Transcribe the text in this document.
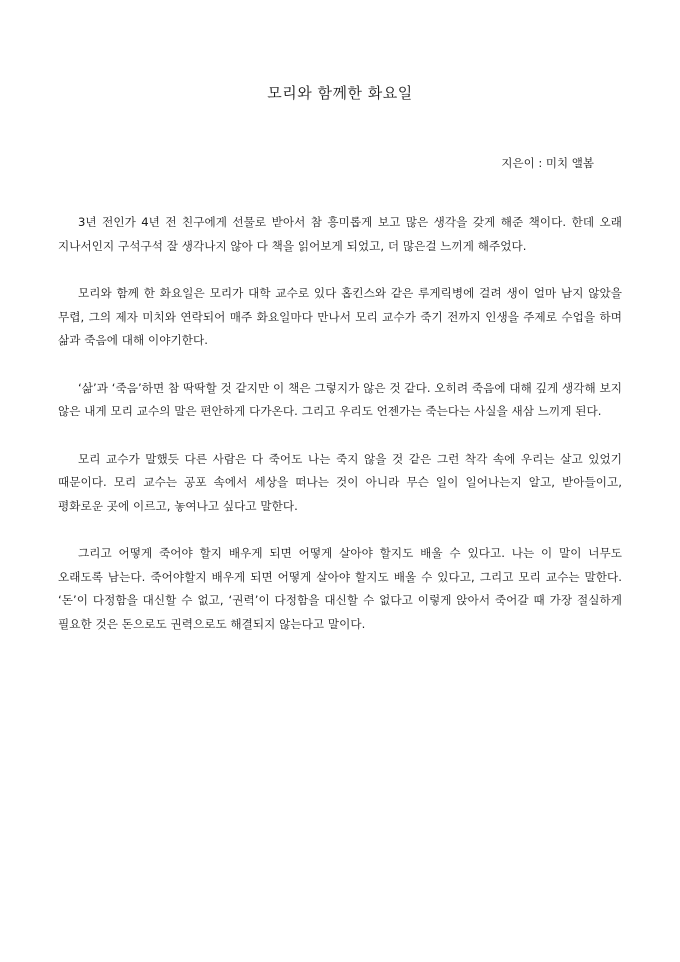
모리와 함께한 화요일

지은이 : 미치 앨봄

3년 전인가 4년 전 친구에게 선물로 받아서 참 흥미롭게 보고 많은 생각을 갖게 해준 책이다. 한데 오래 지나서인지 구석구석 잘 생각나지 않아 다 책을 읽어보게 되었고, 더 많은걸 느끼게 해주었다.

모리와 함께 한 화요일은 모리가 대학 교수로 있다 홉킨스와 같은 루게릭병에 걸려 생이 얼마 남지 않았을 무렵, 그의 제자 미치와 연락되어 매주 화요일마다 만나서 모리 교수가 죽기 전까지 인생을 주제로 수업을 하며 삶과 죽음에 대해 이야기한다.

‘삶’과 ‘죽음’하면 참 딱딱할 것 같지만 이 책은 그렇지가 않은 것 같다. 오히려 죽음에 대해 깊게 생각해 보지 않은 내게 모리 교수의 말은 편안하게 다가온다. 그리고 우리도 언젠가는 죽는다는 사실을 새삼 느끼게 된다.

모리 교수가 말했듯 다른 사람은 다 죽어도 나는 죽지 않을 것 같은 그런 착각 속에 우리는 살고 있었기 때문이다. 모리 교수는 공포 속에서 세상을 떠나는 것이 아니라 무슨 일이 일어나는지 알고, 받아들이고, 평화로운 곳에 이르고, 놓여나고 싶다고 말한다.

그리고 어떻게 죽어야 할지 배우게 되면 어떻게 살아야 할지도 배울 수 있다고. 나는 이 말이 너무도 오래도록 남는다. 죽어야할지 배우게 되면 어떻게 살아야 할지도 배울 수 있다고, 그리고 모리 교수는 말한다. ‘돈’이 다정함을 대신할 수 없고, ‘권력’이 다정함을 대신할 수 없다고 이렇게 앉아서 죽어갈 때 가장 절실하게 필요한 것은 돈으로도 권력으로도 해결되지 않는다고 말이다.
